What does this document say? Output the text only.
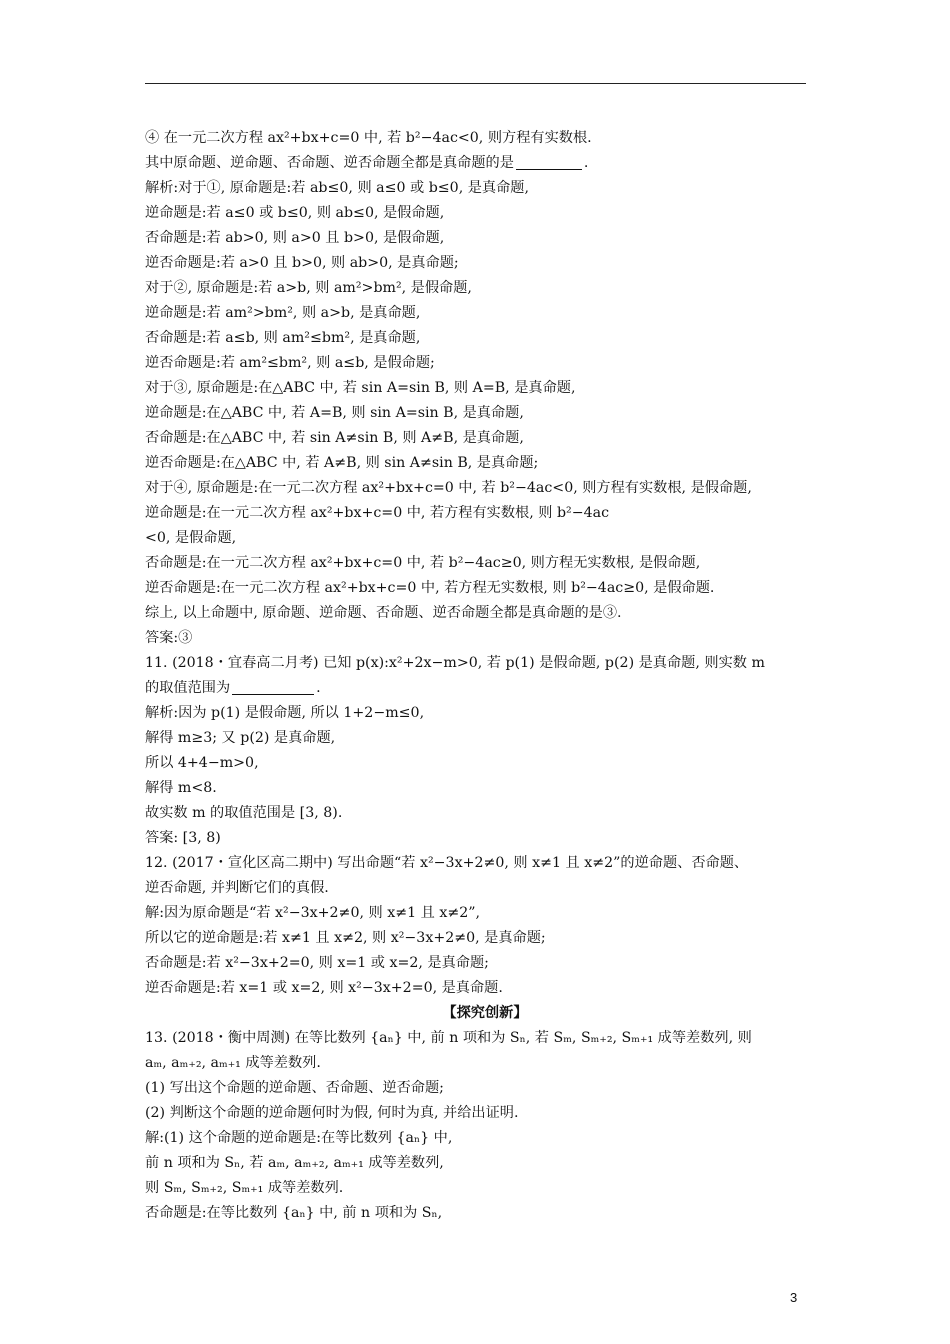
④ 在一元二次方程 ax²+bx+c=0 中, 若 b²−4ac<0, 则方程有实数根.
其中原命题、逆命题、否命题、逆否命题全都是真命题的是	.
解析:对于①, 原命题是:若 ab≤0, 则 a≤0 或 b≤0, 是真命题,
逆命题是:若 a≤0 或 b≤0, 则 ab≤0, 是假命题,
否命题是:若 ab>0, 则 a>0 且 b>0, 是假命题,
逆否命题是:若 a>0 且 b>0, 则 ab>0, 是真命题;
对于②, 原命题是:若 a>b, 则 am²>bm², 是假命题,
逆命题是:若 am²>bm², 则 a>b, 是真命题,
否命题是:若 a≤b, 则 am²≤bm², 是真命题,
逆否命题是:若 am²≤bm², 则 a≤b, 是假命题;
对于③, 原命题是:在△ABC 中, 若 sin A=sin B, 则 A=B, 是真命题,
逆命题是:在△ABC 中, 若 A=B, 则 sin A=sin B, 是真命题,
否命题是:在△ABC 中, 若 sin A≠sin B, 则 A≠B, 是真命题,
逆否命题是:在△ABC 中, 若 A≠B, 则 sin A≠sin B, 是真命题;
对于④, 原命题是:在一元二次方程 ax²+bx+c=0 中, 若 b²−4ac<0, 则方程有实数根, 是假命题,
逆命题是:在一元二次方程 ax²+bx+c=0 中, 若方程有实数根, 则 b²−4ac
<0, 是假命题,
否命题是:在一元二次方程 ax²+bx+c=0 中, 若 b²−4ac≥0, 则方程无实数根, 是假命题,
逆否命题是:在一元二次方程 ax²+bx+c=0 中, 若方程无实数根, 则 b²−4ac≥0, 是假命题.
综上, 以上命题中, 原命题、逆命题、否命题、逆否命题全都是真命题的是③.
答案:③
11. (2018・宜春高二月考) 已知 p(x):x²+2x−m>0, 若 p(1) 是假命题, p(2) 是真命题, 则实数 m
的取值范围为	.
解析:因为 p(1) 是假命题, 所以 1+2−m≤0,
解得 m≥3; 又 p(2) 是真命题,
所以 4+4−m>0,
解得 m<8.
故实数 m 的取值范围是 [3, 8).
答案: [3, 8)
12. (2017・宣化区高二期中) 写出命题“若 x²−3x+2≠0, 则 x≠1 且 x≠2”的逆命题、否命题、
逆否命题, 并判断它们的真假.
解:因为原命题是“若 x²−3x+2≠0, 则 x≠1 且 x≠2”,
所以它的逆命题是:若 x≠1 且 x≠2, 则 x²−3x+2≠0, 是真命题;
否命题是:若 x²−3x+2=0, 则 x=1 或 x=2, 是真命题;
逆否命题是:若 x=1 或 x=2, 则 x²−3x+2=0, 是真命题.
【探究创新】
13. (2018・衡中周测) 在等比数列 {aₙ} 中, 前 n 项和为 Sₙ, 若 Sₘ, Sₘ₊₂, Sₘ₊₁ 成等差数列, 则
aₘ, aₘ₊₂, aₘ₊₁ 成等差数列.
(1) 写出这个命题的逆命题、否命题、逆否命题;
(2) 判断这个命题的逆命题何时为假, 何时为真, 并给出证明.
解:(1) 这个命题的逆命题是:在等比数列 {aₙ} 中,
前 n 项和为 Sₙ, 若 aₘ, aₘ₊₂, aₘ₊₁ 成等差数列,
则 Sₘ, Sₘ₊₂, Sₘ₊₁ 成等差数列.
否命题是:在等比数列 {aₙ} 中, 前 n 项和为 Sₙ,
3
